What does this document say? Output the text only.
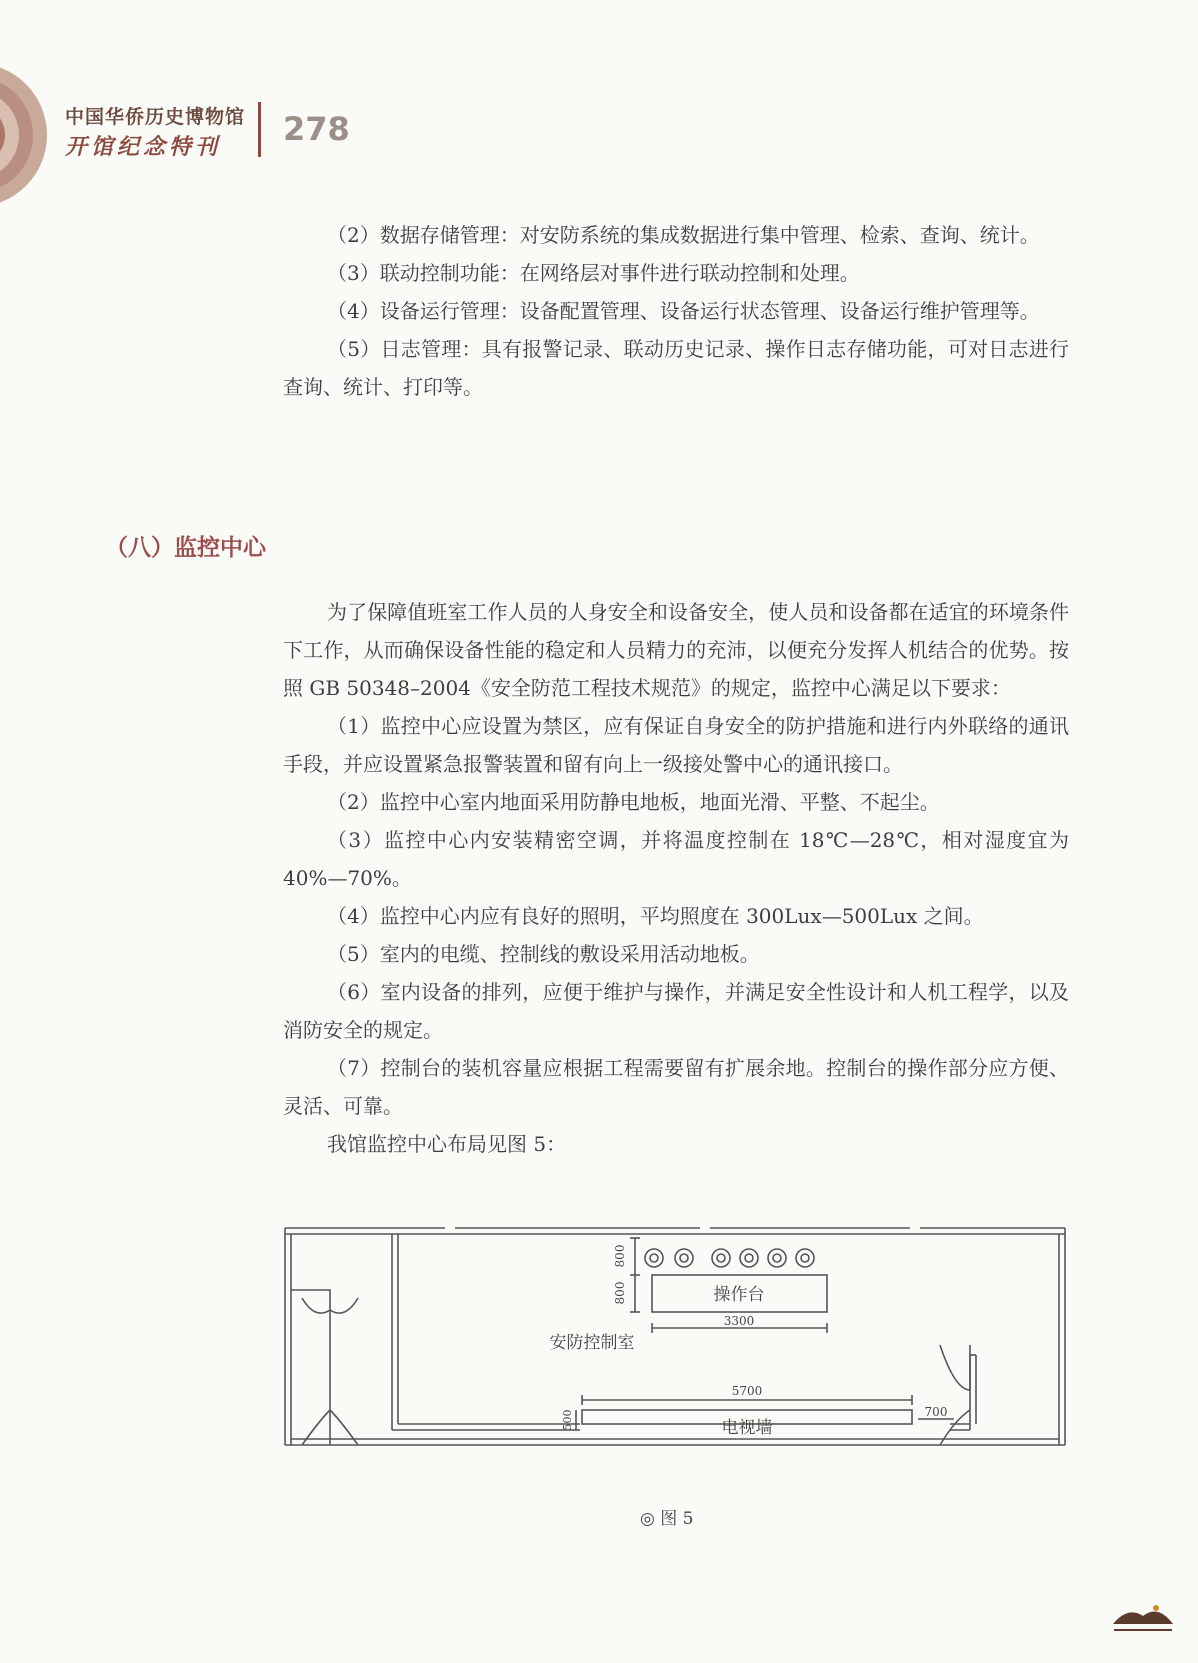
中国华侨历史博物馆
开馆纪念特刊 278

（2）数据存储管理：对安防系统的集成数据进行集中管理、检索、查询、统计。

（3）联动控制功能：在网络层对事件进行联动控制和处理。

（4）设备运行管理：设备配置管理、设备运行状态管理、设备运行维护管理等。

（5）日志管理：具有报警记录、联动历史记录、操作日志存储功能，可对日志进行查询、统计、打印等。

（八）监控中心

为了保障值班室工作人员的人身安全和设备安全，使人员和设备都在适宜的环境条件下工作，从而确保设备性能的稳定和人员精力的充沛，以便充分发挥人机结合的优势。按照 GB 50348–2004《安全防范工程技术规范》的规定，监控中心满足以下要求：

（1）监控中心应设置为禁区，应有保证自身安全的防护措施和进行内外联络的通讯手段，并应设置紧急报警装置和留有向上一级接处警中心的通讯接口。

（2）监控中心室内地面采用防静电地板，地面光滑、平整、不起尘。

（3）监控中心内安装精密空调，并将温度控制在 18℃—28℃，相对湿度宜为 40%—70%。

（4）监控中心内应有良好的照明，平均照度在 300Lux—500Lux 之间。

（5）室内的电缆、控制线的敷设采用活动地板。

（6）室内设备的排列，应便于维护与操作，并满足安全性设计和人机工程学，以及消防安全的规定。

（7）控制台的装机容量应根据工程需要留有扩展余地。控制台的操作部分应方便、灵活、可靠。

我馆监控中心布局见图 5：

800
800	操作台
3300
安防控制室
5700
电视墙
500	700
◎ 图 5
